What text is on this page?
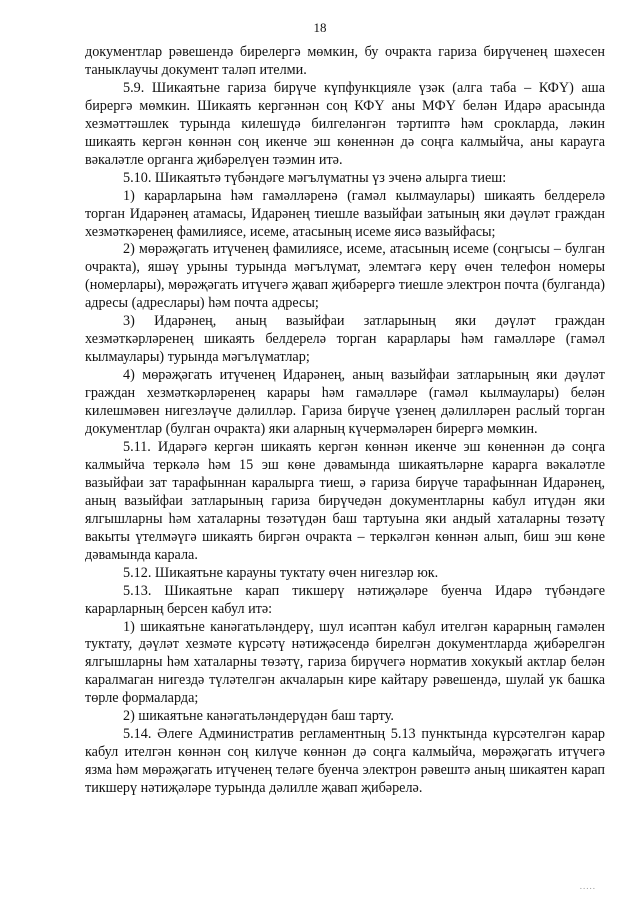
18

документлар рәвешендә бирелергә мөмкин, бу очракта гариза бирүченең шәхесен таныклаучы документ таләп ителми.

5.9. Шикаятьне гариза бирүче күпфункцияле үзәк (алга таба – КФҮ) аша бирергә мөмкин. Шикаять кергәннән соң КФҮ аны МФҮ белән Идарә арасында хезмәттәшлек турында килешүдә билгеләнгән тәртиптә һәм срокларда, ләкин шикаять кергән көннән соң икенче эш көненнән дә соңга калмыйча, аны карауга вәкаләтле органга җибәрелүен тәэмин итә.

5.10. Шикаятьтә түбәндәге мәгълүматны үз эченә алырга тиеш:

1) карарларына һәм гамәлләренә (гамәл кылмаулары) шикаять белдерелә торган Идарәнең атамасы, Идарәнең тиешле вазыйфаи затының яки дәүләт граждан хезмәткәренең фамилиясе, исеме, атасының исеме яисә вазыйфасы;

2) мөрәҗәгать итүченең фамилиясе, исеме, атасының исеме (соңгысы – булган очракта), яшәү урыны турында мәгълүмат, элемтәгә керү өчен телефон номеры (номерлары), мөрәҗәгать итүчегә җавап җибәрергә тиешле электрон почта (булганда) адресы (адреслары) һәм почта адресы;

3) Идарәнең, аның вазыйфаи затларының яки дәүләт граждан хезмәткәрләренең шикаять белдерелә торган карарлары һәм гамәлләре (гамәл кылмаулары) турында мәгълүматлар;

4) мөрәҗәгать итүченең Идарәнең, аның вазыйфаи затларының яки дәүләт граждан хезмәткәрләренең карары һәм гамәлләре (гамәл кылмаулары) белән килешмәвен нигезләүче дәлилләр. Гариза бирүче үзенең дәлилләрен раслый торган документлар (булган очракта) яки аларның күчермәләрен бирергә мөмкин.

5.11. Идарәгә кергән шикаять кергән көннән икенче эш көненнән дә соңга калмыйча теркәлә һәм 15 эш көне дәвамында шикаятьләрне карарга вәкаләтле вазыйфаи зат тарафыннан каралырга тиеш, ә гариза бирүче тарафыннан Идарәнең, аның вазыйфаи затларының гариза бирүчедән документларны кабул итүдән яки ялгышларны һәм хаталарны төзәтүдән баш тартуына яки андый хаталарны төзәтү вакыты үтелмәүгә шикаять биргән очракта – теркәлгән көннән алып, биш эш көне дәвамында карала.

5.12. Шикаятьне карауны туктату өчен нигезләр юк.

5.13. Шикаятьне карап тикшерү нәтиҗәләре буенча Идарә түбәндәге карарларның берсен кабул итә:

1) шикаятьне канәгатьләндерү, шул исәптән кабул ителгән карарның гамәлен туктату, дәүләт хезмәте күрсәтү нәтиҗәсендә бирелгән документларда җибәрелгән ялгышларны һәм хаталарны төзәтү, гариза бирүчегә норматив хокукый актлар белән каралмаган нигездә түләтелгән акчаларын кире кайтару рәвешендә, шулай ук башка төрле формаларда;

2) шикаятьне канәгатьләндерүдән баш тарту.

5.14. Әлеге Административ регламентның 5.13 пунктында күрсәтелгән карар кабул ителгән көннән соң килүче көннән дә соңга калмыйча, мөрәҗәгать итүчегә язма һәм мөрәҗәгать итүченең теләге буенча электрон рәвештә аның шикаятен карап тикшерү нәтиҗәләре турында дәлилле җавап җибәрелә.

.....
